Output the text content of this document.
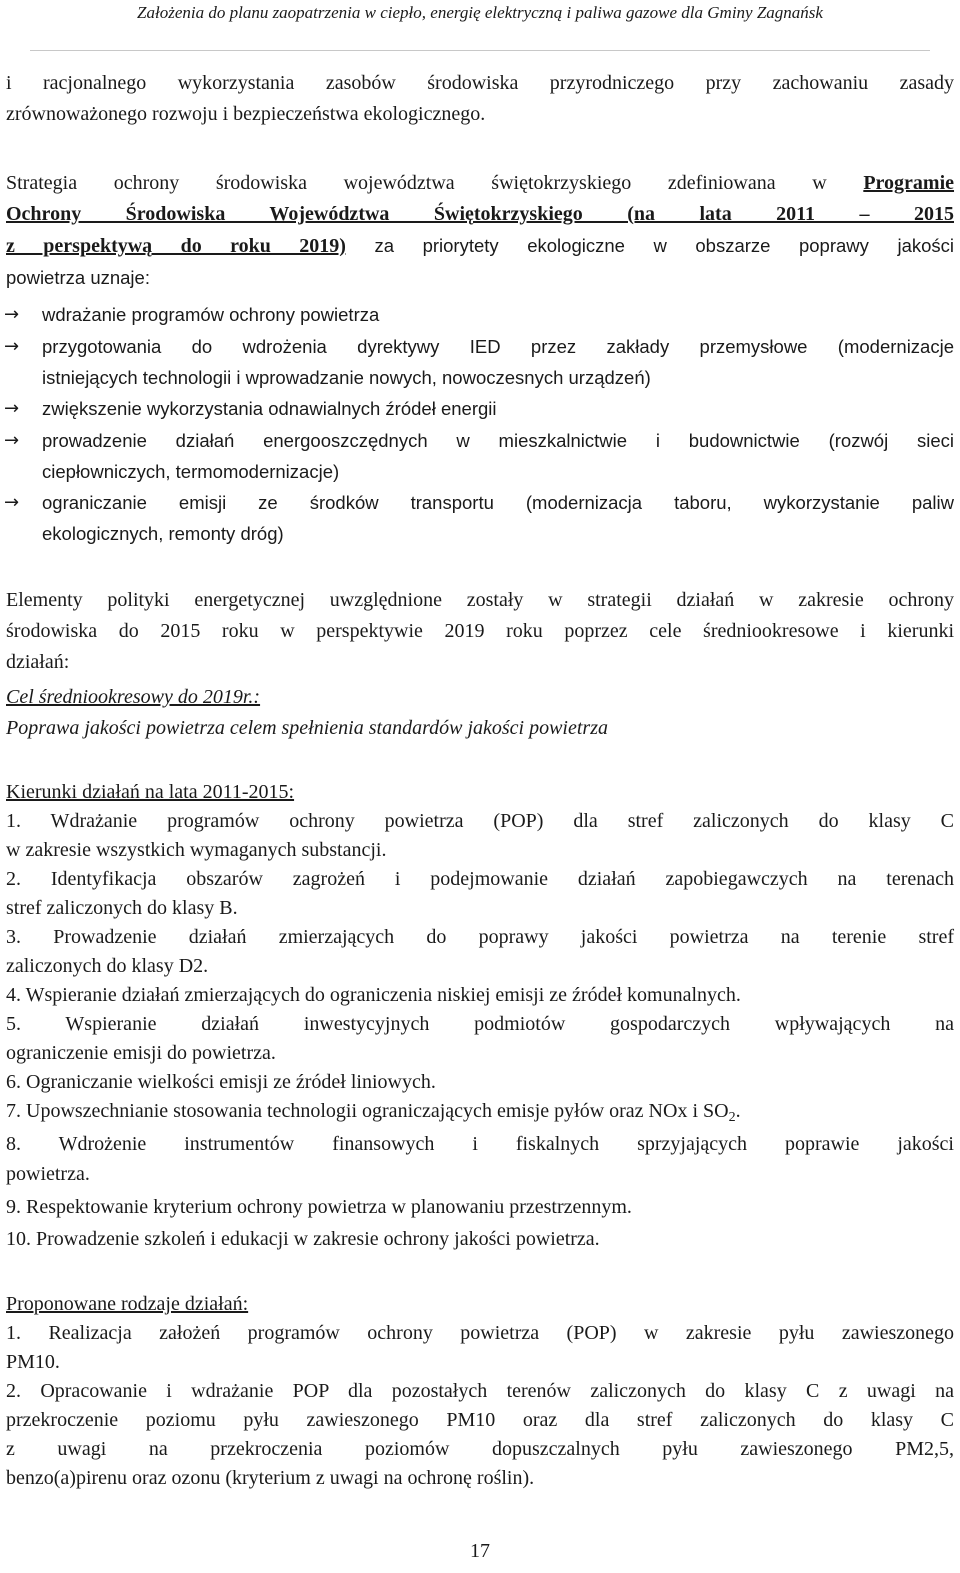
Założenia do planu zaopatrzenia w ciepło, energię elektryczną i paliwa gazowe dla Gminy Zagnańsk
i racjonalnego wykorzystania zasobów środowiska przyrodniczego przy zachowaniu zasady
zrównoważonego rozwoju i bezpieczeństwa ekologicznego.
Strategia ochrony środowiska województwa świętokrzyskiego zdefiniowana w Programie
Ochrony Środowiska Województwa Świętokrzyskiego (na lata 2011 – 2015
z perspektywą do roku 2019) za priorytety ekologiczne w obszarze poprawy jakości
powietrza uznaje:
→ wdrażanie programów ochrony powietrza
→ przygotowania do wdrożenia dyrektywy IED przez zakłady przemysłowe (modernizacje
istniejących technologii i wprowadzanie nowych, nowoczesnych urządzeń)
→ zwiększenie wykorzystania odnawialnych źródeł energii
→ prowadzenie działań energooszczędnych w mieszkalnictwie i budownictwie (rozwój sieci
ciepłowniczych, termomodernizacje)
→ ograniczanie emisji ze środków transportu (modernizacja taboru, wykorzystanie paliw
ekologicznych, remonty dróg)
Elementy polityki energetycznej uwzględnione zostały w strategii działań w zakresie ochrony
środowiska do 2015 roku w perspektywie 2019 roku poprzez cele średniookresowe i kierunki
działań:
Cel średniookresowy do 2019r.:
Poprawa jakości powietrza celem spełnienia standardów jakości powietrza
Kierunki działań na lata 2011-2015:
1. Wdrażanie programów ochrony powietrza (POP) dla stref zaliczonych do klasy C
w zakresie wszystkich wymaganych substancji.
2. Identyfikacja obszarów zagrożeń i podejmowanie działań zapobiegawczych na terenach
stref zaliczonych do klasy B.
3. Prowadzenie działań zmierzających do poprawy jakości powietrza na terenie stref
zaliczonych do klasy D2.
4. Wspieranie działań zmierzających do ograniczenia niskiej emisji ze źródeł komunalnych.
5. Wspieranie działań inwestycyjnych podmiotów gospodarczych wpływających na
ograniczenie emisji do powietrza.
6. Ograniczanie wielkości emisji ze źródeł liniowych.
7. Upowszechnianie stosowania technologii ograniczających emisje pyłów oraz NOx i $SO_2$.
8. Wdrożenie instrumentów finansowych i fiskalnych sprzyjających poprawie jakości
powietrza.
9. Respektowanie kryterium ochrony powietrza w planowaniu przestrzennym.
10. Prowadzenie szkoleń i edukacji w zakresie ochrony jakości powietrza.
Proponowane rodzaje działań:
1. Realizacja założeń programów ochrony powietrza (POP) w zakresie pyłu zawieszonego
PM10.
2. Opracowanie i wdrażanie POP dla pozostałych terenów zaliczonych do klasy C z uwagi na
przekroczenie poziomu pyłu zawieszonego PM10 oraz dla stref zaliczonych do klasy C
z uwagi na przekroczenia poziomów dopuszczalnych pyłu zawieszonego PM2,5,
benzo(a)pirenu oraz ozonu (kryterium z uwagi na ochronę roślin).
17
